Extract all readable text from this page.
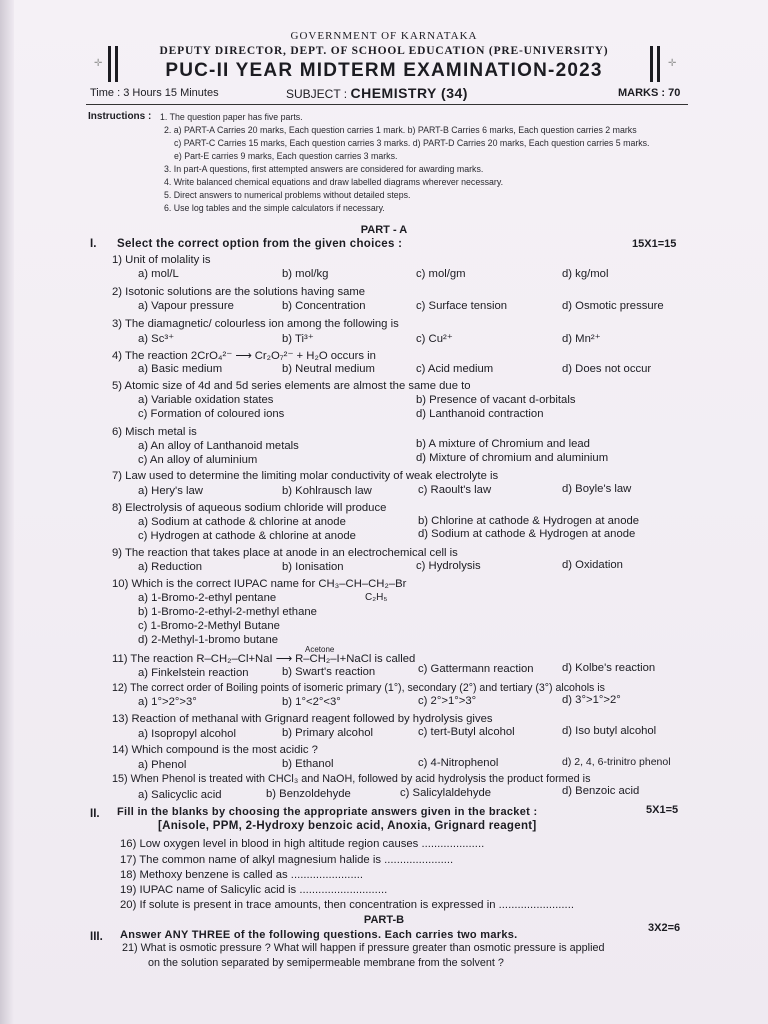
GOVERNMENT OF KARNATAKA
DEPUTY DIRECTOR, DEPT. OF SCHOOL EDUCATION (PRE-UNIVERSITY)
✛	✛
PUC-II YEAR MIDTERM EXAMINATION-2023
Time : 3 Hours 15 Minutes	SUBJECT : CHEMISTRY (34)	MARKS : 70
Instructions : 1. The question paper has five parts.
2. a) PART-A Carries 20 marks, Each question carries 1 mark. b) PART-B Carries 6 marks, Each question carries 2 marks
c) PART-C Carries 15 marks, Each question carries 3 marks. d) PART-D Carries 20 marks, Each question carries 5 marks.
e) Part-E carries 9 marks, Each question carries 3 marks.
3. In part-A questions, first attempted answers are considered for awarding marks.
4. Write balanced chemical equations and draw labelled diagrams wherever necessary.
5. Direct answers to numerical problems without detailed steps.
6. Use log tables and the simple calculators if necessary.
PART - A
I. Select the correct option from the given choices :	15X1=15
1) Unit of molality is
a) mol/L	b) mol/kg	c) mol/gm	d) kg/mol
2) Isotonic solutions are the solutions having same
a) Vapour pressure	b) Concentration	c) Surface tension	d) Osmotic pressure
3) The diamagnetic/ colourless ion among the following is
a) Sc³⁺	b) Ti³⁺	c) Cu²⁺	d) Mn²⁺
4) The reaction 2CrO₄²⁻ ⟶ Cr₂O₇²⁻ + H₂O occurs in
a) Basic medium	b) Neutral medium	c) Acid medium	d) Does not occur
5) Atomic size of 4d and 5d series elements are almost the same due to
a) Variable oxidation states	b) Presence of vacant d-orbitals
c) Formation of coloured ions	d) Lanthanoid contraction
6) Misch metal is
a) An alloy of Lanthanoid metals	b) A mixture of Chromium and lead
c) An alloy of aluminium	d) Mixture of chromium and aluminium
7) Law used to determine the limiting molar conductivity of weak electrolyte is
a) Hery's law	b) Kohlrausch law	c) Raoult's law	d) Boyle's law
8) Electrolysis of aqueous sodium chloride will produce
a) Sodium at cathode & chlorine at anode	b) Chlorine at cathode & Hydrogen at anode
c) Hydrogen at cathode & chlorine at anode	d) Sodium at cathode & Hydrogen at anode
9) The reaction that takes place at anode in an electrochemical cell is
a) Reduction	b) Ionisation	c) Hydrolysis	d) Oxidation
10) Which is the correct IUPAC name for CH₃–CH–CH₂–Br
C₂H₅
a) 1-Bromo-2-ethyl pentane
b) 1-Bromo-2-ethyl-2-methyl ethane
c) 1-Bromo-2-Methyl Butane
d) 2-Methyl-1-bromo butane
Acetone
11) The reaction R–CH₂–Cl+NaI ⟶ R–CH₂–I+NaCl is called
a) Finkelstein reaction	b) Swart's reaction	c) Gattermann reaction	d) Kolbe's reaction
12) The correct order of Boiling points of isomeric primary (1°), secondary (2°) and tertiary (3°) alcohols is
a) 1°>2°>3°	b) 1°<2°<3°	c) 2°>1°>3°	d) 3°>1°>2°
13) Reaction of methanal with Grignard reagent followed by hydrolysis gives
a) Isopropyl alcohol	b) Primary alcohol	c) tert-Butyl alcohol	d) Iso butyl alcohol
14) Which compound is the most acidic ?
a) Phenol	b) Ethanol	c) 4-Nitrophenol	d) 2, 4, 6-trinitro phenol
15) When Phenol is treated with CHCl₃ and NaOH, followed by acid hydrolysis the product formed is
a) Salicyclic acid	b) Benzoldehyde	c) Salicylaldehyde	d) Benzoic acid
II. Fill in the blanks by choosing the appropriate answers given in the bracket :	5X1=5
[Anisole, PPM, 2-Hydroxy benzoic acid, Anoxia, Grignard reagent]
16) Low oxygen level in blood in high altitude region causes ....................
17) The common name of alkyl magnesium halide is ......................
18) Methoxy benzene is called as .......................
19) IUPAC name of Salicylic acid is ............................
20) If solute is present in trace amounts, then concentration is expressed in ........................
PART-B
III. Answer ANY THREE of the following questions. Each carries two marks.
3X2=6
21) What is osmotic pressure ? What will happen if pressure greater than osmotic pressure is applied
on the solution separated by semipermeable membrane from the solvent ?
